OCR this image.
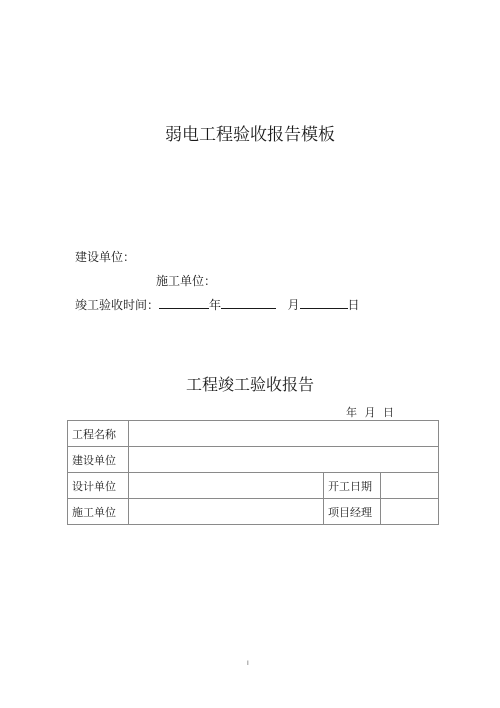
弱电工程验收报告模板
建设单位：
施工单位：
竣工验收时间：	年	月	日
工程竣工验收报告
年 月 日
工程名称			
建设单位			
设计单位		开工日期	
施工单位		项目经理	
I
